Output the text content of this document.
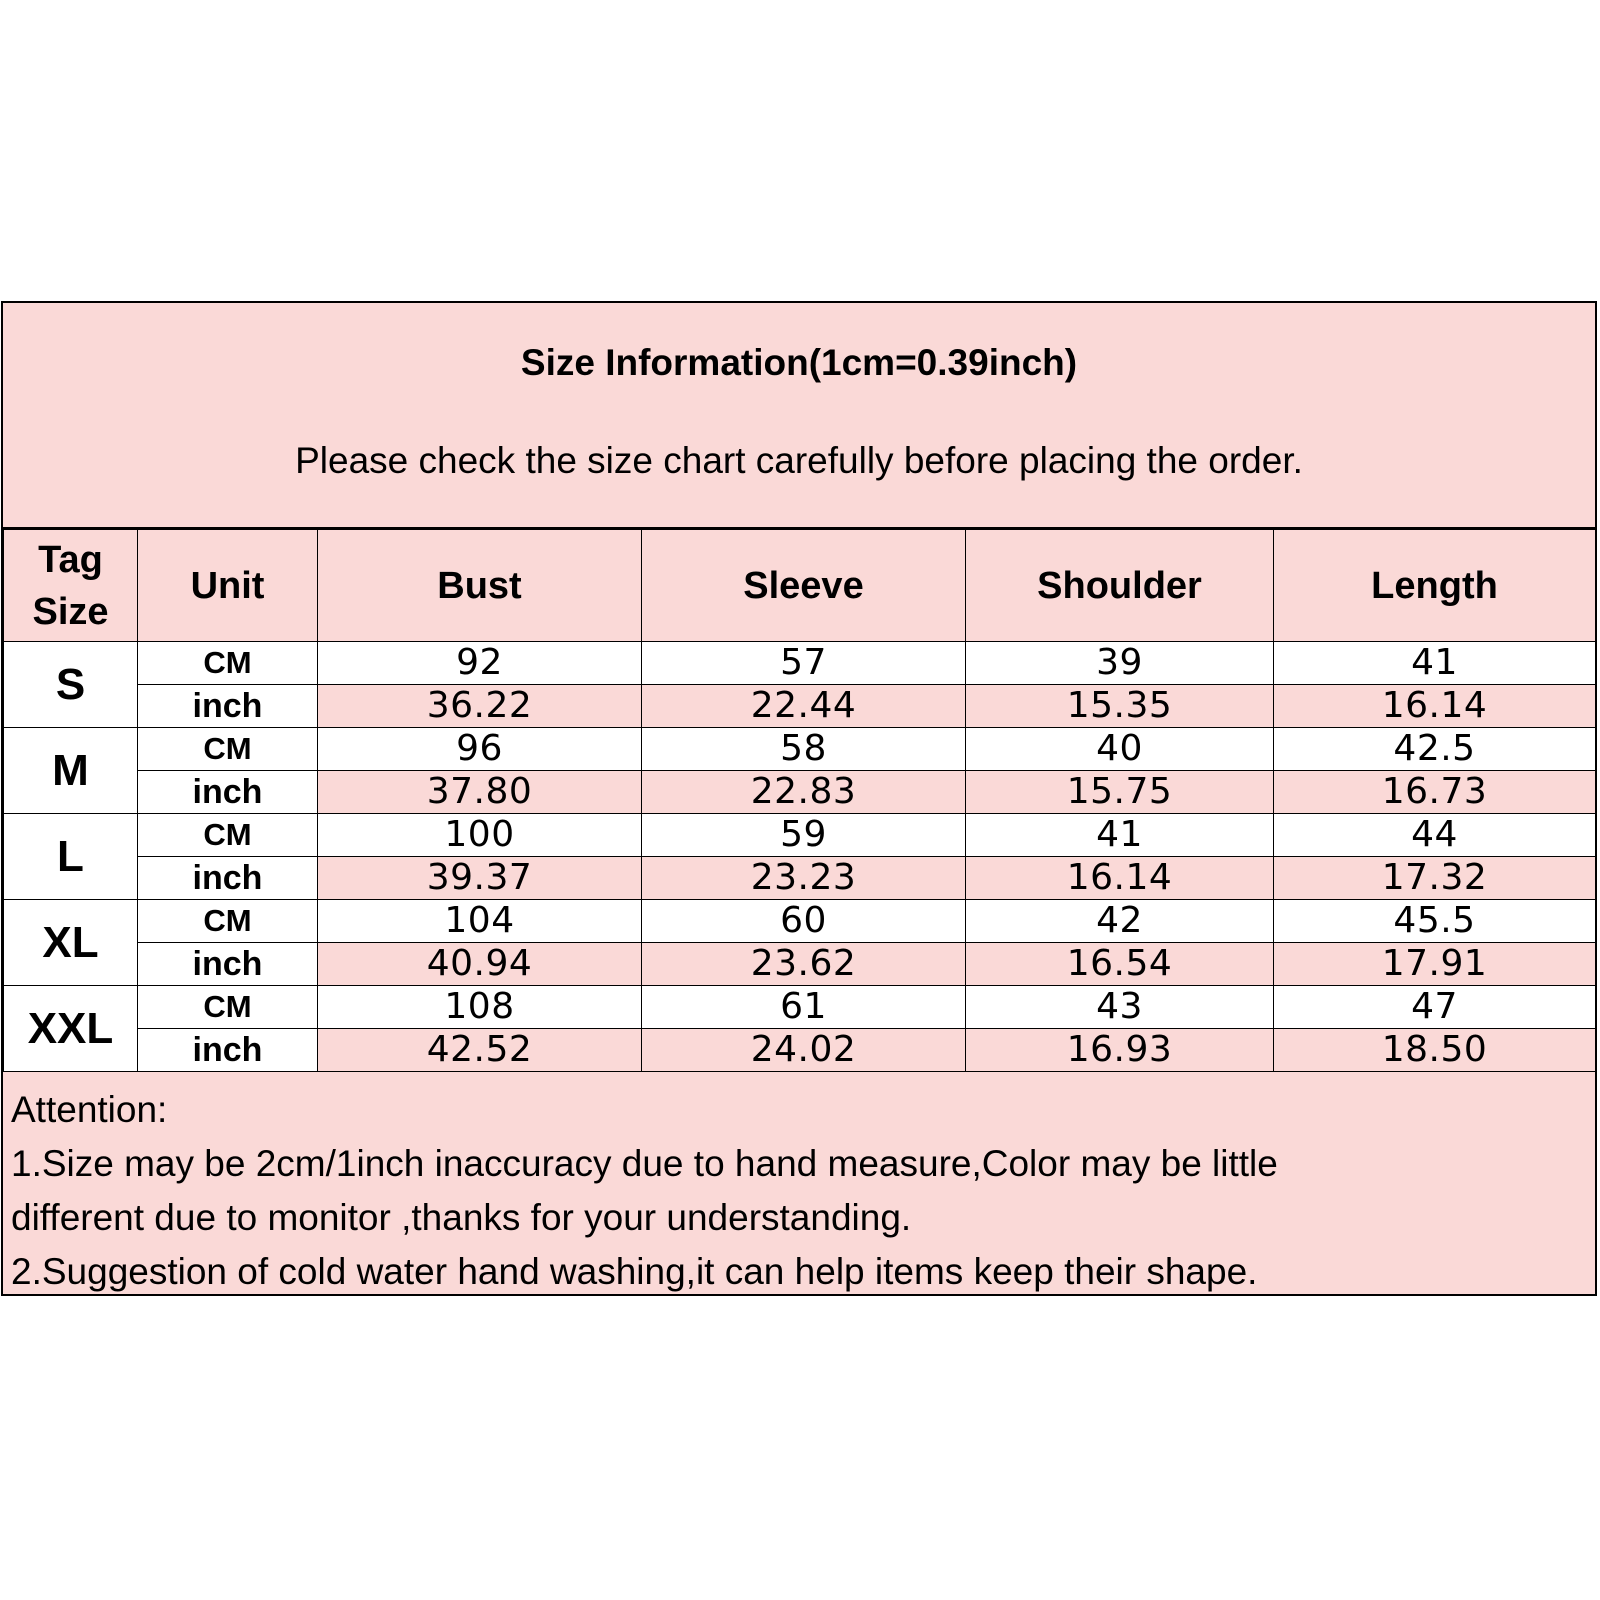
Size Information(1cm=0.39inch)
Please check the size chart carefully before placing the order.
Tag Size	Unit	Bust	Sleeve	Shoulder	Length
S	CM	92	57	39	41
	inch	36.22	22.44	15.35	16.14
M	CM	96	58	40	42.5
	inch	37.80	22.83	15.75	16.73
L	CM	100	59	41	44
	inch	39.37	23.23	16.14	17.32
XL	CM	104	60	42	45.5
	inch	40.94	23.62	16.54	17.91
XXL	CM	108	61	43	47
	inch	42.52	24.02	16.93	18.50
Attention:
1.Size may be 2cm/1inch inaccuracy due to hand measure,Color may be little
different due to monitor ,thanks for your understanding.
2.Suggestion of cold water hand washing,it can help items keep their shape.
